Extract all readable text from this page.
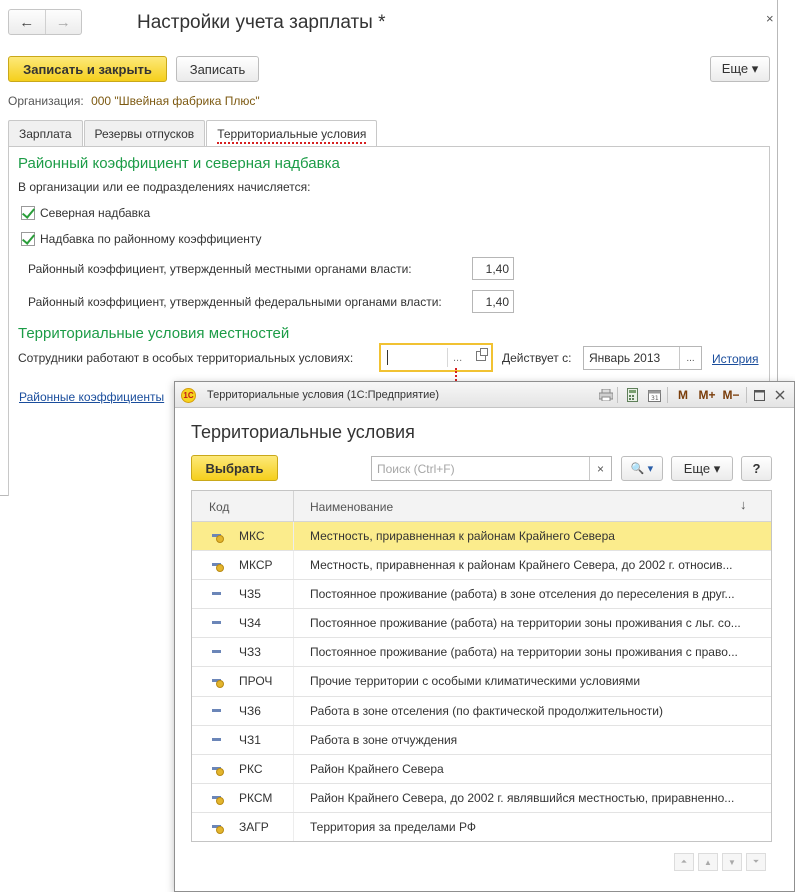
←	→	Настройки учета зарплаты *	×
Записать и закрыть	Записать	Еще ▾
Организация: 000 "Швейная фабрика Плюс"
Зарплата	Резервы отпусков	Территориальные условия
Районный коэффициент и северная надбавка
В организации или ее подразделениях начисляется:
Северная надбавка
Надбавка по районному коэффициенту
Районный коэффициент, утвержденный местными органами власти:	1,40
Районный коэффициент, утвержденный федеральными органами власти:	1,40
Территориальные условия местностей
Сотрудники работают в особых территориальных условиях:	...	Действует с:	Январь 2013	...	История
Районные коэффициенты 1С Территориальные условия (1С:Предприятие)	31 M M+ M−
Территориальные условия
Выбрать	Поиск (Ctrl+F)	×	🔍 ▾	Еще ▾	?
Код	Наименование	↓
МКС	Местность, приравненная к районам Крайнего Севера
МКСР	Местность, приравненная к районам Крайнего Севера, до 2002 г. относив...
ЧЗ5	Постоянное проживание (работа) в зоне отселения до переселения в друг...
ЧЗ4	Постоянное проживание (работа) на территории зоны проживания с льг. со...
ЧЗ3	Постоянное проживание (работа) на территории зоны проживания с право...
ПРОЧ	Прочие территории с особыми климатическими условиями
ЧЗ6	Работа в зоне отселения (по фактической продолжительности)
ЧЗ1	Работа в зоне отчуждения
РКС	Район Крайнего Севера
РКСМ	Район Крайнего Севера, до 2002 г. являвшийся местностью, приравненно...
ЗАГР	Территория за пределами РФ
⏶	▲	▼	⏷
